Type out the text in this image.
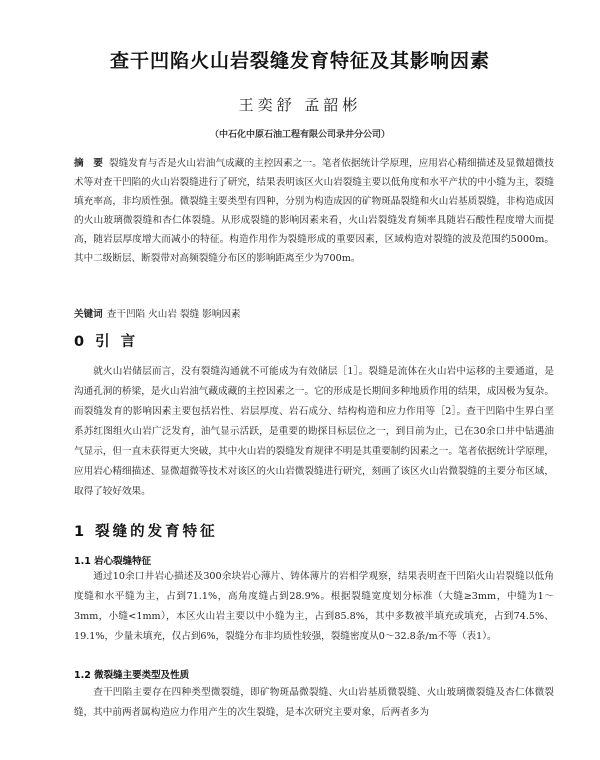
查干凹陷火山岩裂缝发育特征及其影响因素
王奕舒 孟韶彬
（中石化中原石油工程有限公司录井分公司）
摘　要 裂缝发育与否是火山岩油气成藏的主控因素之一。笔者依据统计学原理，应用岩心精细描述及显微超微技术等对查干凹陷的火山岩裂缝进行了研究，结果表明该区火山岩裂缝主要以低角度和水平产状的中小缝为主，裂缝填充率高，非均质性强。微裂缝主要类型有四种，分别为构造成因的矿物斑晶裂缝和火山岩基质裂缝，非构造成因的火山玻璃微裂缝和杏仁体裂缝。从形成裂缝的影响因素来看，火山岩裂缝发育频率具随岩石酸性程度增大而提高，随岩层厚度增大而减小的特征。构造作用作为裂缝形成的重要因素，区域构造对裂缝的波及范围约5000m。其中二级断层、断裂带对高频裂缝分布区的影响距离至少为700m。
关键词 查干凹陷 火山岩 裂缝 影响因素
0 引 言
就火山岩储层而言，没有裂缝沟通就不可能成为有效储层［1］。裂缝是流体在火山岩中运移的主要通道，是沟通孔洞的桥梁，是火山岩油气藏成藏的主控因素之一。它的形成是长期间多种地质作用的结果，成因极为复杂。而裂缝发育的影响因素主要包括岩性、岩层厚度、岩石成分、结构构造和应力作用等［2］。查干凹陷中生界白垩系苏红图组火山岩广泛发育，油气显示活跃，是重要的勘探目标层位之一，到目前为止，已在30余口井中钻遇油气显示，但一直未获得更大突破，其中火山岩的裂缝发育规律不明是其重要制约因素之一。笔者依据统计学原理，应用岩心精细描述、显微超微等技术对该区的火山岩微裂缝进行研究，刻画了该区火山岩微裂缝的主要分布区域，取得了较好效果。
1 裂缝的发育特征
1.1 岩心裂缝特征
通过10余口井岩心描述及300余块岩心薄片、铸体薄片的岩相学观察，结果表明查干凹陷火山岩裂缝以低角度缝和水平缝为主，占到71.1%，高角度缝占到28.9%。根据裂缝宽度划分标准（大缝≥3mm，中缝为1～3mm，小缝<1mm），本区火山岩主要以中小缝为主，占到85.8%，其中多数被半填充或填充，占到74.5%、19.1%，少量未填充，仅占到6%，裂缝分布非均质性较强，裂缝密度从0～32.8条/m不等（表1）。
1.2 微裂缝主要类型及性质
查干凹陷主要存在四种类型微裂缝，即矿物斑晶微裂缝、火山岩基质微裂缝、火山玻璃微裂缝及杏仁体微裂缝，其中前两者属构造应力作用产生的次生裂缝，是本次研究主要对象，后两者多为
